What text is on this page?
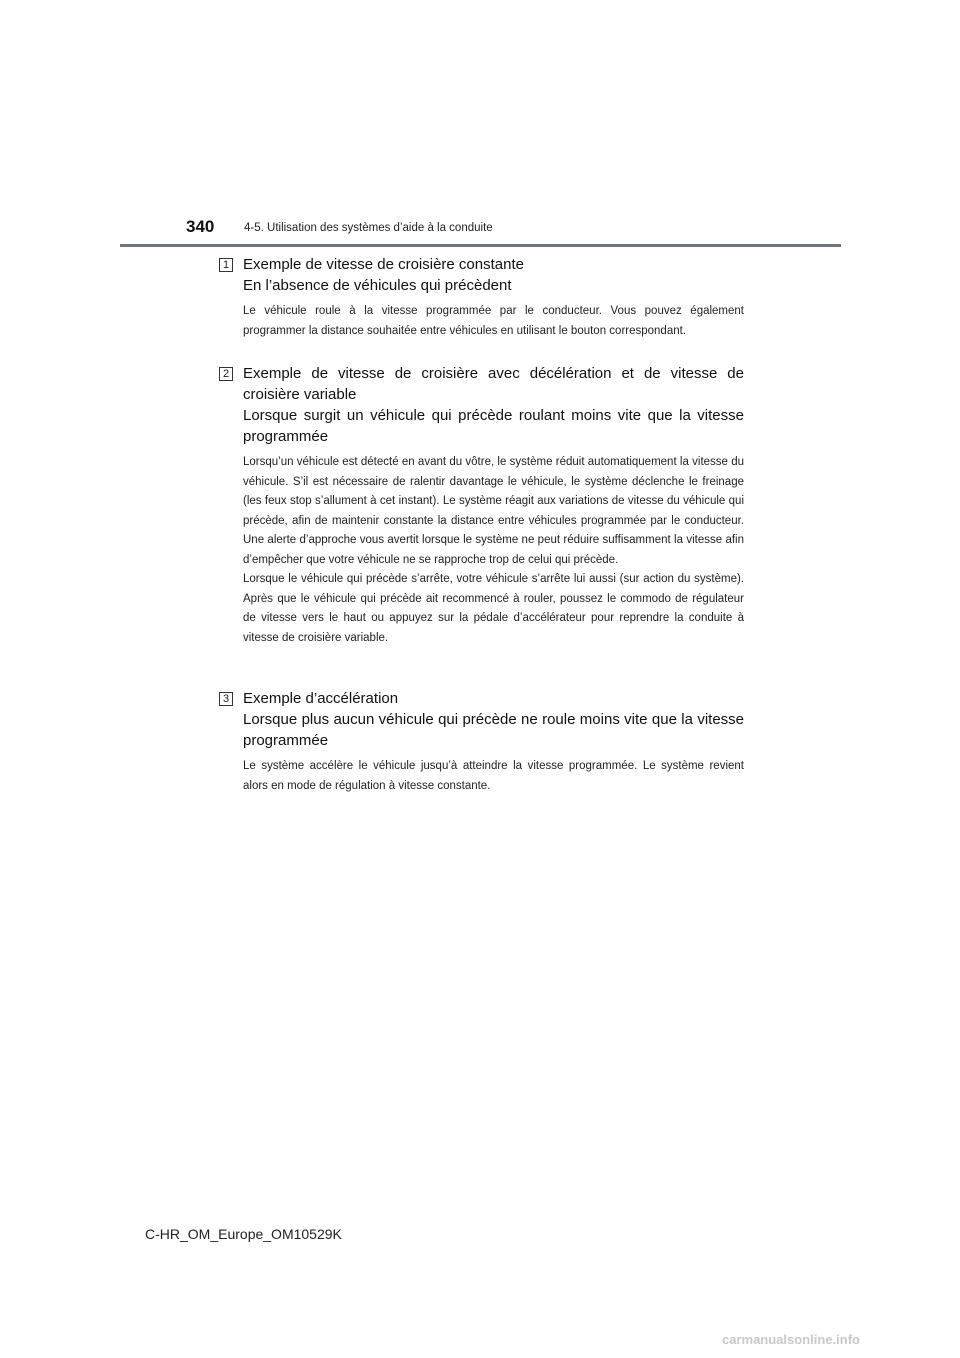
340	4-5. Utilisation des systèmes d’aide à la conduite
1 Exemple de vitesse de croisière constante
En l’absence de véhicules qui précèdent

Le véhicule roule à la vitesse programmée par le conducteur. Vous pouvez également programmer la distance souhaitée entre véhicules en utilisant le bouton correspondant.

2 Exemple de vitesse de croisière avec décélération et de vitesse de croisière variable
Lorsque surgit un véhicule qui précède roulant moins vite que la vitesse programmée

Lorsqu’un véhicule est détecté en avant du vôtre, le système réduit automatiquement la vitesse du véhicule. S’il est nécessaire de ralentir davantage le véhicule, le système déclenche le freinage (les feux stop s’allument à cet instant). Le système réagit aux variations de vitesse du véhicule qui précède, afin de maintenir constante la distance entre véhicules programmée par le conducteur. Une alerte d’approche vous avertit lorsque le système ne peut réduire suffisamment la vitesse afin d’empêcher que votre véhicule ne se rapproche trop de celui qui précède.
Lorsque le véhicule qui précède s’arrête, votre véhicule s’arrête lui aussi (sur action du système). Après que le véhicule qui précède ait recommencé à rouler, poussez le commodo de régulateur de vitesse vers le haut ou appuyez sur la pédale d’accélérateur pour reprendre la conduite à vitesse de croisière variable.

3 Exemple d’accélération
Lorsque plus aucun véhicule qui précède ne roule moins vite que la vitesse programmée

Le système accélère le véhicule jusqu’à atteindre la vitesse programmée. Le système revient alors en mode de régulation à vitesse constante.

C-HR_OM_Europe_OM10529K
carmanualsonline.info
